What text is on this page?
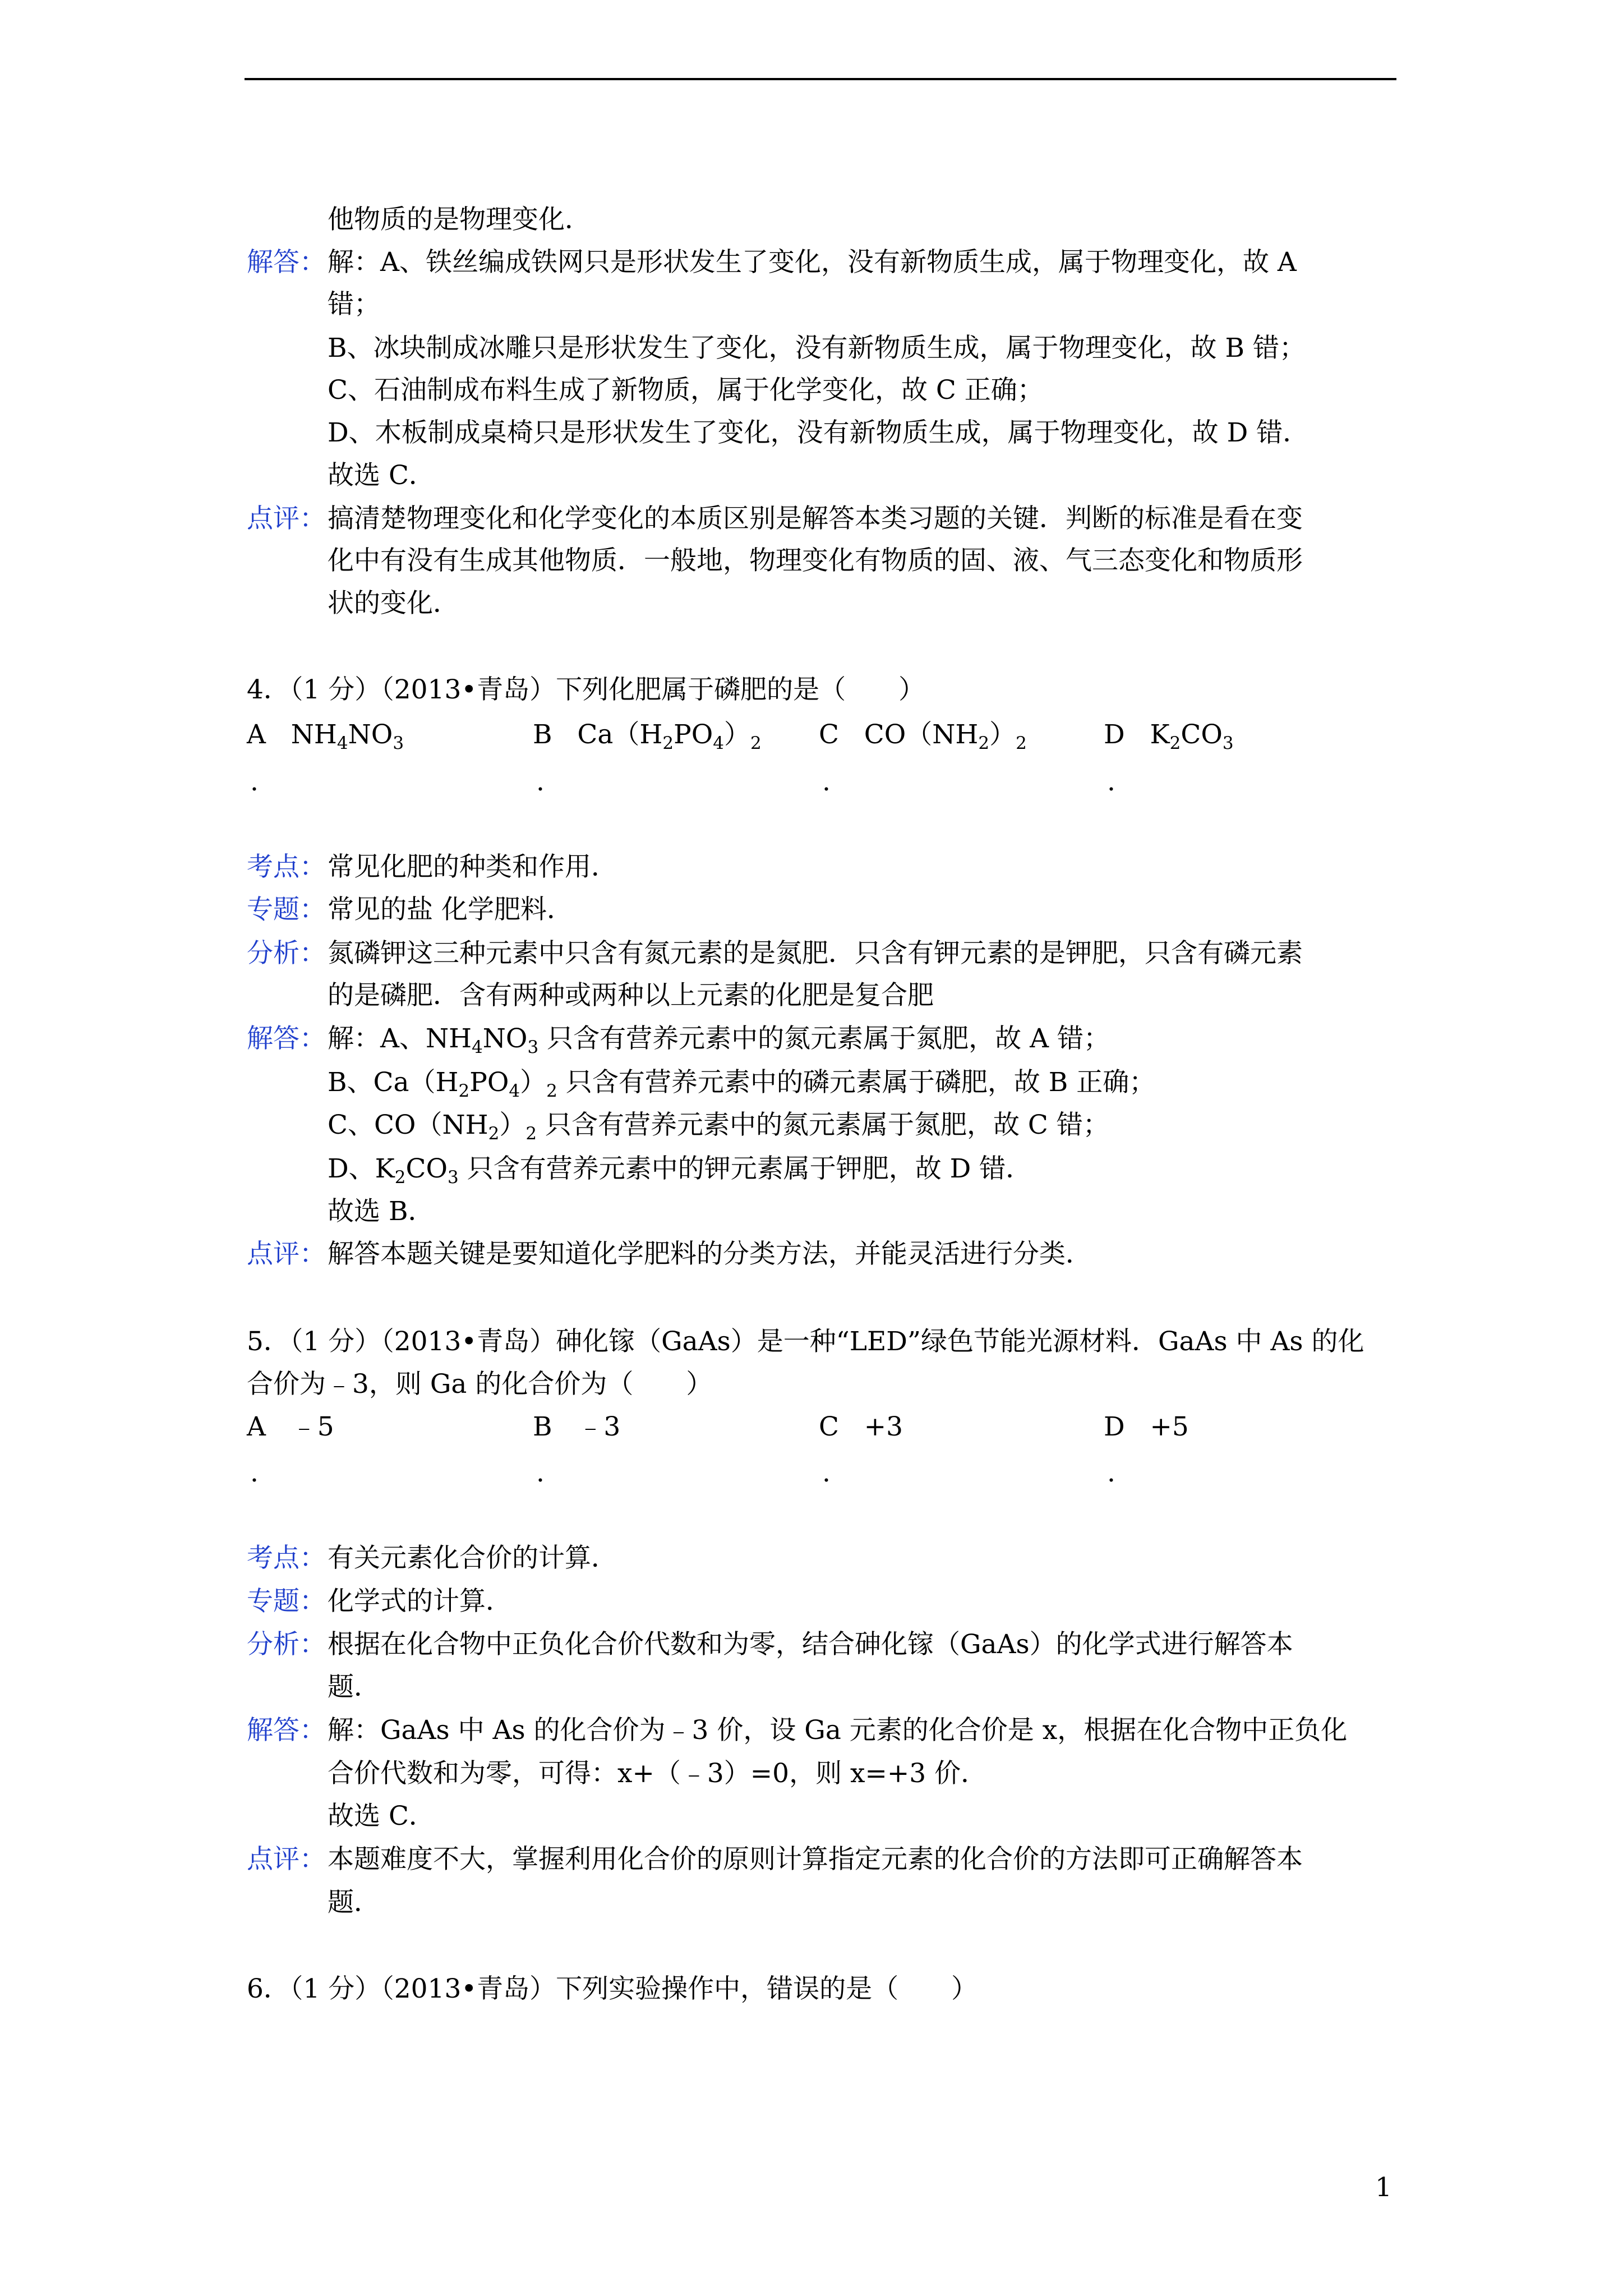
他物质的是物理变化．
解答： 解：A、铁丝编成铁网只是形状发生了变化，没有新物质生成，属于物理变化，故 A
错；
B、冰块制成冰雕只是形状发生了变化，没有新物质生成，属于物理变化，故 B 错；
C、石油制成布料生成了新物质，属于化学变化，故 C 正确；
D、木板制成桌椅只是形状发生了变化，没有新物质生成，属于物理变化，故 D 错．
故选 C．
点评： 搞清楚物理变化和化学变化的本质区别是解答本类习题的关键．判断的标准是看在变
化中有没有生成其他物质．一般地，物理变化有物质的固、液、气三态变化和物质形
状的变化．
4．（1 分）（2013•青岛）下列化肥属于磷肥的是（　　）
A $NH_4NO_3$	B $Ca(H_2PO_4)_2$ C $CO(NH_2)_2$	D $K_2CO_3$
.	.	.	.
考点： 常见化肥的种类和作用．
专题： 常见的盐 化学肥料．
分析： 氮磷钾这三种元素中只含有氮元素的是氮肥．只含有钾元素的是钾肥，只含有磷元素
的是磷肥．含有两种或两种以上元素的化肥是复合肥
解答： 解：A、$NH_4NO_3$ 只含有营养元素中的氮元素属于氮肥，故 A 错；
B、$Ca(H_2PO_4)_2$ 只含有营养元素中的磷元素属于磷肥，故 B 正确；
C、$CO(NH_2)_2$ 只含有营养元素中的氮元素属于氮肥，故 C 错；
D、$K_2CO_3$ 只含有营养元素中的钾元素属于钾肥，故 D 错．
故选 B．
点评： 解答本题关键是要知道化学肥料的分类方法，并能灵活进行分类．
5．（1 分）（2013•青岛）砷化镓（GaAs）是一种“LED”绿色节能光源材料．GaAs 中 As 的化
合价为﹣3，则 Ga 的化合价为（　　）
A ﹣5	B ﹣3	C +3	D +5
.	.	.	.
考点： 有关元素化合价的计算．
专题： 化学式的计算．
分析： 根据在化合物中正负化合价代数和为零，结合砷化镓（GaAs）的化学式进行解答本
题．
解答： 解：GaAs 中 As 的化合价为﹣3 价，设 Ga 元素的化合价是 x，根据在化合物中正负化
合价代数和为零，可得：x+（﹣3）=0，则 x=+3 价．
故选 C．
点评： 本题难度不大，掌握利用化合价的原则计算指定元素的化合价的方法即可正确解答本
题．
6．（1 分）（2013•青岛）下列实验操作中，错误的是（　　）
1
